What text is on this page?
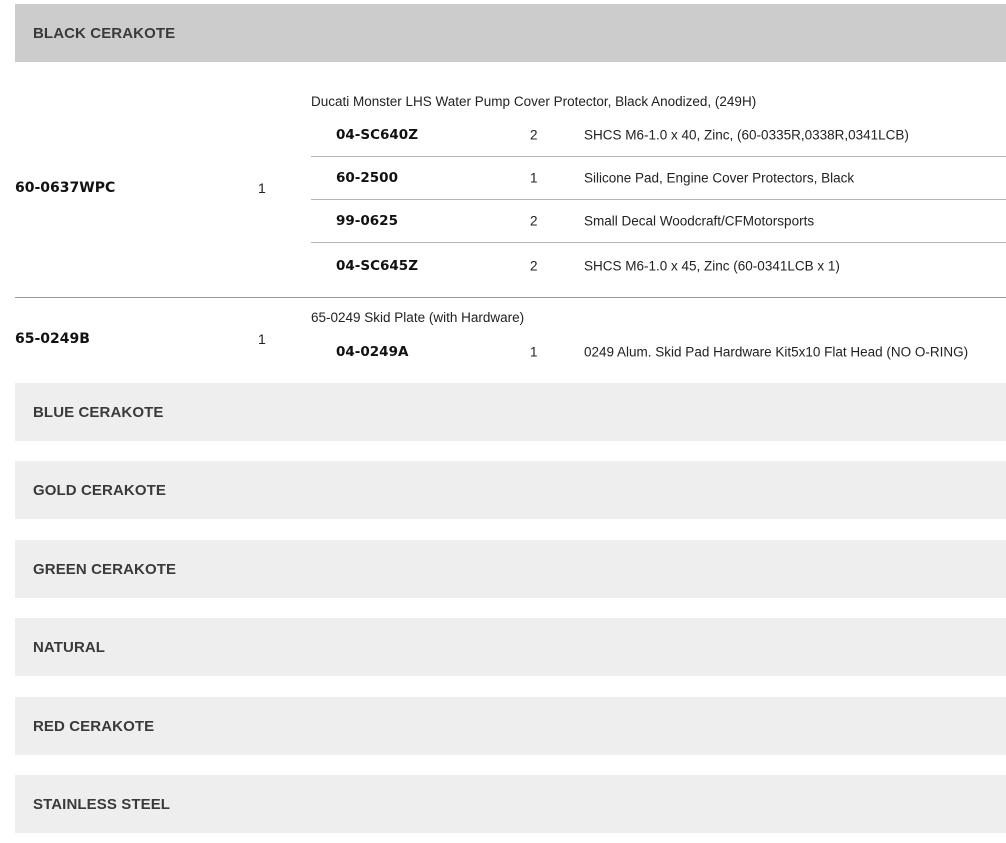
BLACK CERAKOTE
60-0637WPC	1
Ducati Monster LHS Water Pump Cover Protector, Black Anodized, (249H)
04-SC640Z	2	SHCS M6-1.0 x 40, Zinc, (60-0335R,0338R,0341LCB)
60-2500	1	Silicone Pad, Engine Cover Protectors, Black
99-0625	2	Small Decal Woodcraft/CFMotorsports
04-SC645Z	2	SHCS M6-1.0 x 45, Zinc (60-0341LCB x 1)
65-0249B	1
65-0249 Skid Plate (with Hardware)
04-0249A	1	0249 Alum. Skid Pad Hardware Kit5x10 Flat Head (NO O-RING)
BLUE CERAKOTE
GOLD CERAKOTE
GREEN CERAKOTE
NATURAL
RED CERAKOTE
STAINLESS STEEL
